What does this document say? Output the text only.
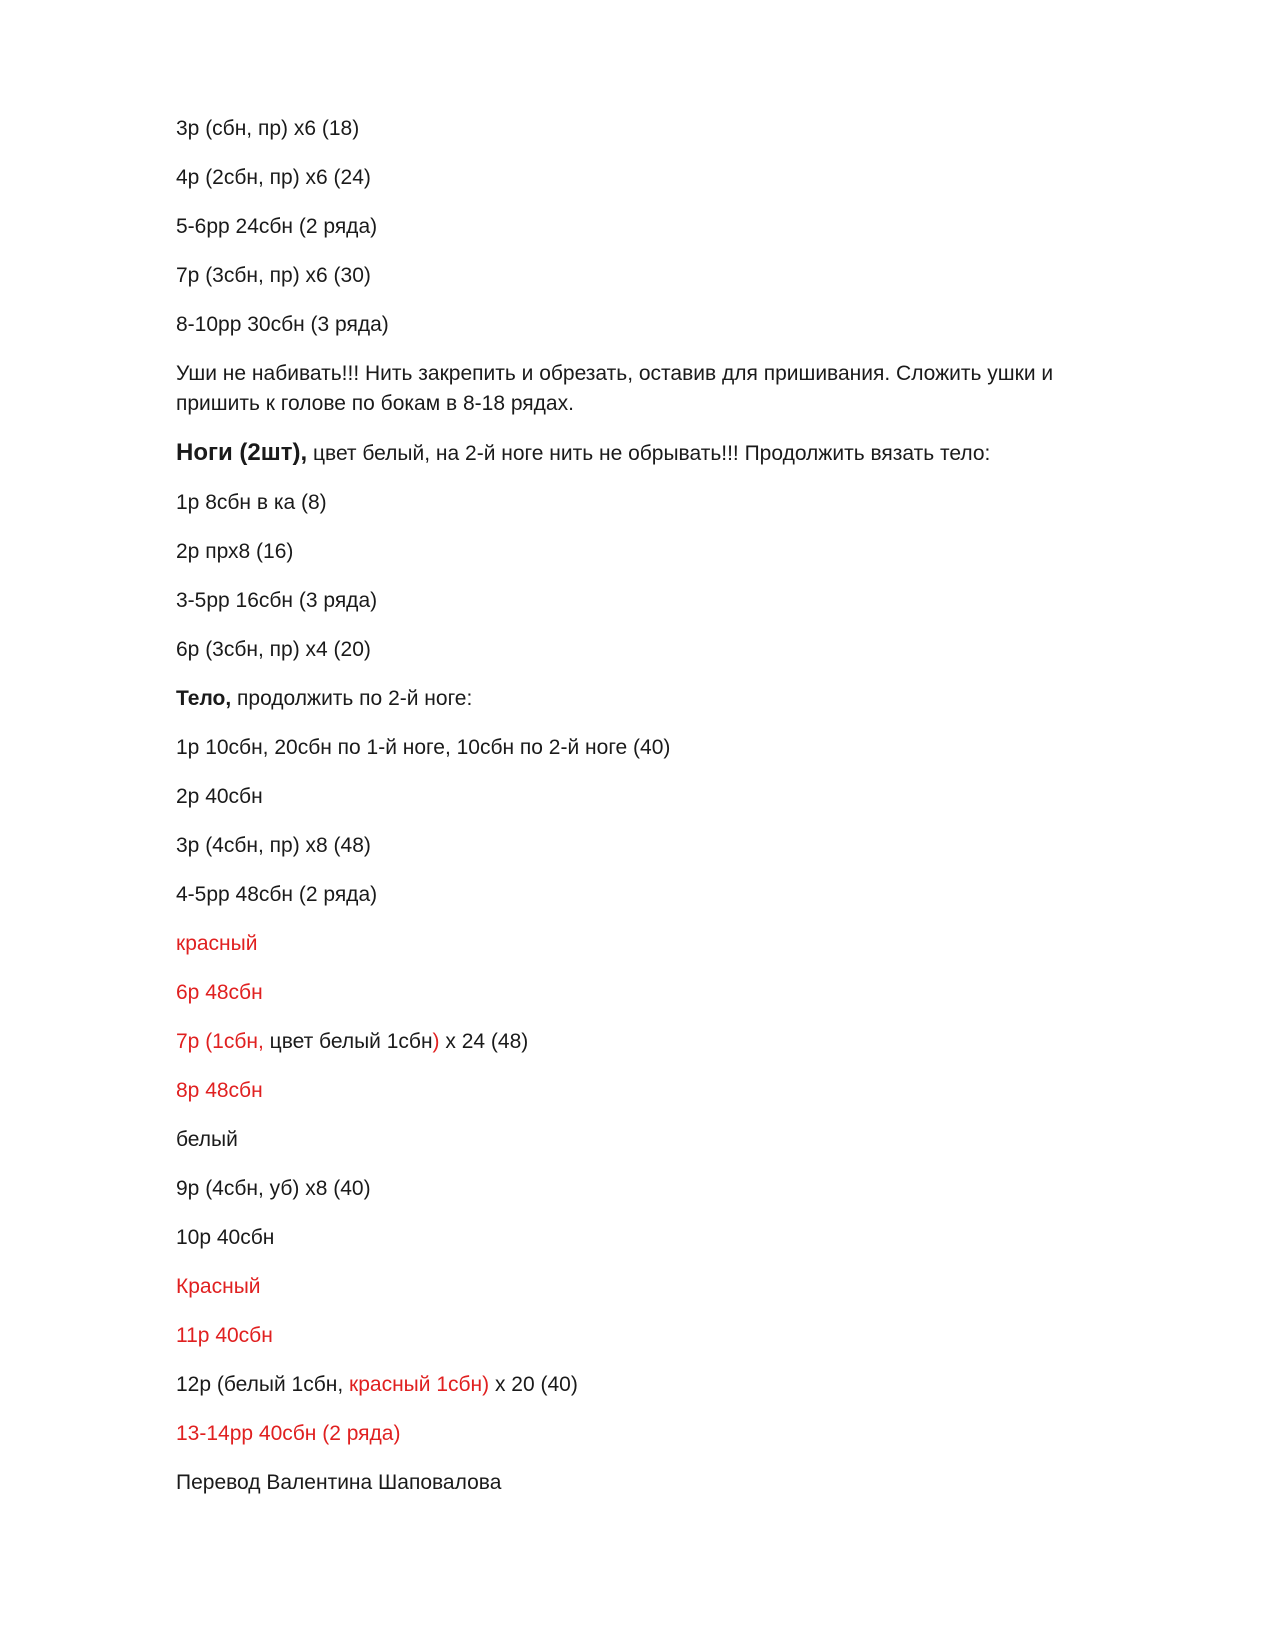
3р (сбн, пр) х6 (18)
4р (2сбн, пр) х6 (24)
5-6рр 24сбн (2 ряда)
7р (3сбн, пр) х6 (30)
8-10рр 30сбн (3 ряда)
Уши не набивать!!! Нить закрепить и обрезать, оставив для пришивания. Сложить ушки и пришить к голове по бокам в 8-18 рядах.
Ноги (2шт), цвет белый, на 2-й ноге нить не обрывать!!! Продолжить вязать тело:
1р 8сбн в ка (8)
2р прх8 (16)
3-5рр 16сбн (3 ряда)
6р (3сбн, пр) х4 (20)
Тело, продолжить по 2-й ноге:
1р 10сбн, 20сбн по 1-й ноге, 10сбн по 2-й ноге (40)
2р 40сбн
3р (4сбн, пр) х8 (48)
4-5рр 48сбн (2 ряда)
красный
6р 48сбн
7р (1сбн, цвет белый 1сбн) х 24 (48)
8р 48сбн
белый
9р (4сбн, уб) х8 (40)
10р 40сбн
Красный
11р 40сбн
12р (белый 1сбн, красный 1сбн) х 20 (40)
13-14рр 40сбн (2 ряда)
Перевод Валентина Шаповалова
